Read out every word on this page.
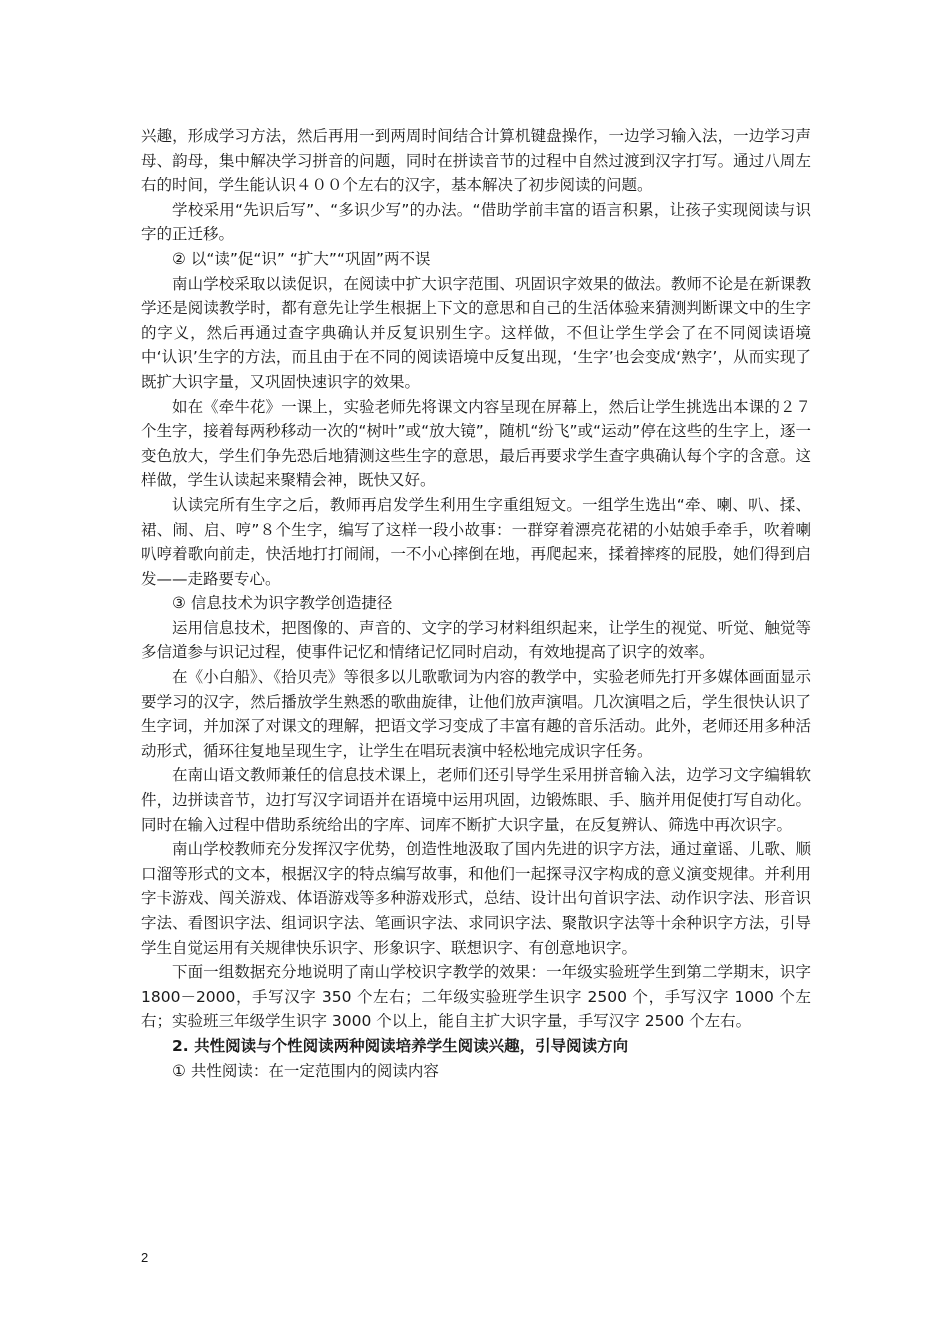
兴趣，形成学习方法，然后再用一到两周时间结合计算机键盘操作，一边学习输入法，一边学习声母、韵母，集中解决学习拼音的问题，同时在拼读音节的过程中自然过渡到汉字打写。通过八周左右的时间，学生能认识４００个左右的汉字，基本解决了初步阅读的问题。

学校采用“先识后写”、“多识少写”的办法。“借助学前丰富的语言积累，让孩子实现阅读与识字的正迁移。

② 以“读”促“识” “扩大”“巩固”两不误

南山学校采取以读促识，在阅读中扩大识字范围、巩固识字效果的做法。教师不论是在新课教学还是阅读教学时，都有意先让学生根据上下文的意思和自己的生活体验来猜测判断课文中的生字的字义，然后再通过查字典确认并反复识别生字。这样做，不但让学生学会了在不同阅读语境中‘认识’生字的方法，而且由于在不同的阅读语境中反复出现，‘生字’也会变成‘熟字’，从而实现了既扩大识字量，又巩固快速识字的效果。

如在《牵牛花》一课上，实验老师先将课文内容呈现在屏幕上，然后让学生挑选出本课的２７个生字，接着每两秒移动一次的“树叶”或“放大镜”，随机“纷飞”或“运动”停在这些的生字上，逐一变色放大，学生们争先恐后地猜测这些生字的意思，最后再要求学生查字典确认每个字的含意。这样做，学生认读起来聚精会神，既快又好。

认读完所有生字之后，教师再启发学生利用生字重组短文。一组学生选出“牵、喇、叭、揉、裙、闹、启、哼”８个生字，编写了这样一段小故事：一群穿着漂亮花裙的小姑娘手牵手，吹着喇叭哼着歌向前走，快活地打打闹闹，一不小心摔倒在地，再爬起来，揉着摔疼的屁股，她们得到启发——走路要专心。

③ 信息技术为识字教学创造捷径

运用信息技术，把图像的、声音的、文字的学习材料组织起来，让学生的视觉、听觉、触觉等多信道参与识记过程，使事件记忆和情绪记忆同时启动，有效地提高了识字的效率。

在《小白船》、《拾贝壳》等很多以儿歌歌词为内容的教学中，实验老师先打开多媒体画面显示要学习的汉字，然后播放学生熟悉的歌曲旋律，让他们放声演唱。几次演唱之后，学生很快认识了生字词，并加深了对课文的理解，把语文学习变成了丰富有趣的音乐活动。此外，老师还用多种活动形式，循环往复地呈现生字，让学生在唱玩表演中轻松地完成识字任务。

在南山语文教师兼任的信息技术课上，老师们还引导学生采用拼音输入法，边学习文字编辑软件，边拼读音节，边打写汉字词语并在语境中运用巩固，边锻炼眼、手、脑并用促使打写自动化。同时在输入过程中借助系统给出的字库、词库不断扩大识字量，在反复辨认、筛选中再次识字。

南山学校教师充分发挥汉字优势，创造性地汲取了国内先进的识字方法，通过童谣、儿歌、顺口溜等形式的文本，根据汉字的特点编写故事，和他们一起探寻汉字构成的意义演变规律。并利用字卡游戏、闯关游戏、体语游戏等多种游戏形式，总结、设计出句首识字法、动作识字法、形音识字法、看图识字法、组词识字法、笔画识字法、求同识字法、聚散识字法等十余种识字方法，引导学生自觉运用有关规律快乐识字、形象识字、联想识字、有创意地识字。

下面一组数据充分地说明了南山学校识字教学的效果：一年级实验班学生到第二学期末，识字 1800－2000，手写汉字 350 个左右；二年级实验班学生识字 2500 个，手写汉字 1000 个左右；实验班三年级学生识字 3000 个以上，能自主扩大识字量，手写汉字 2500 个左右。

2. 共性阅读与个性阅读两种阅读培养学生阅读兴趣，引导阅读方向

① 共性阅读：在一定范围内的阅读内容

2
